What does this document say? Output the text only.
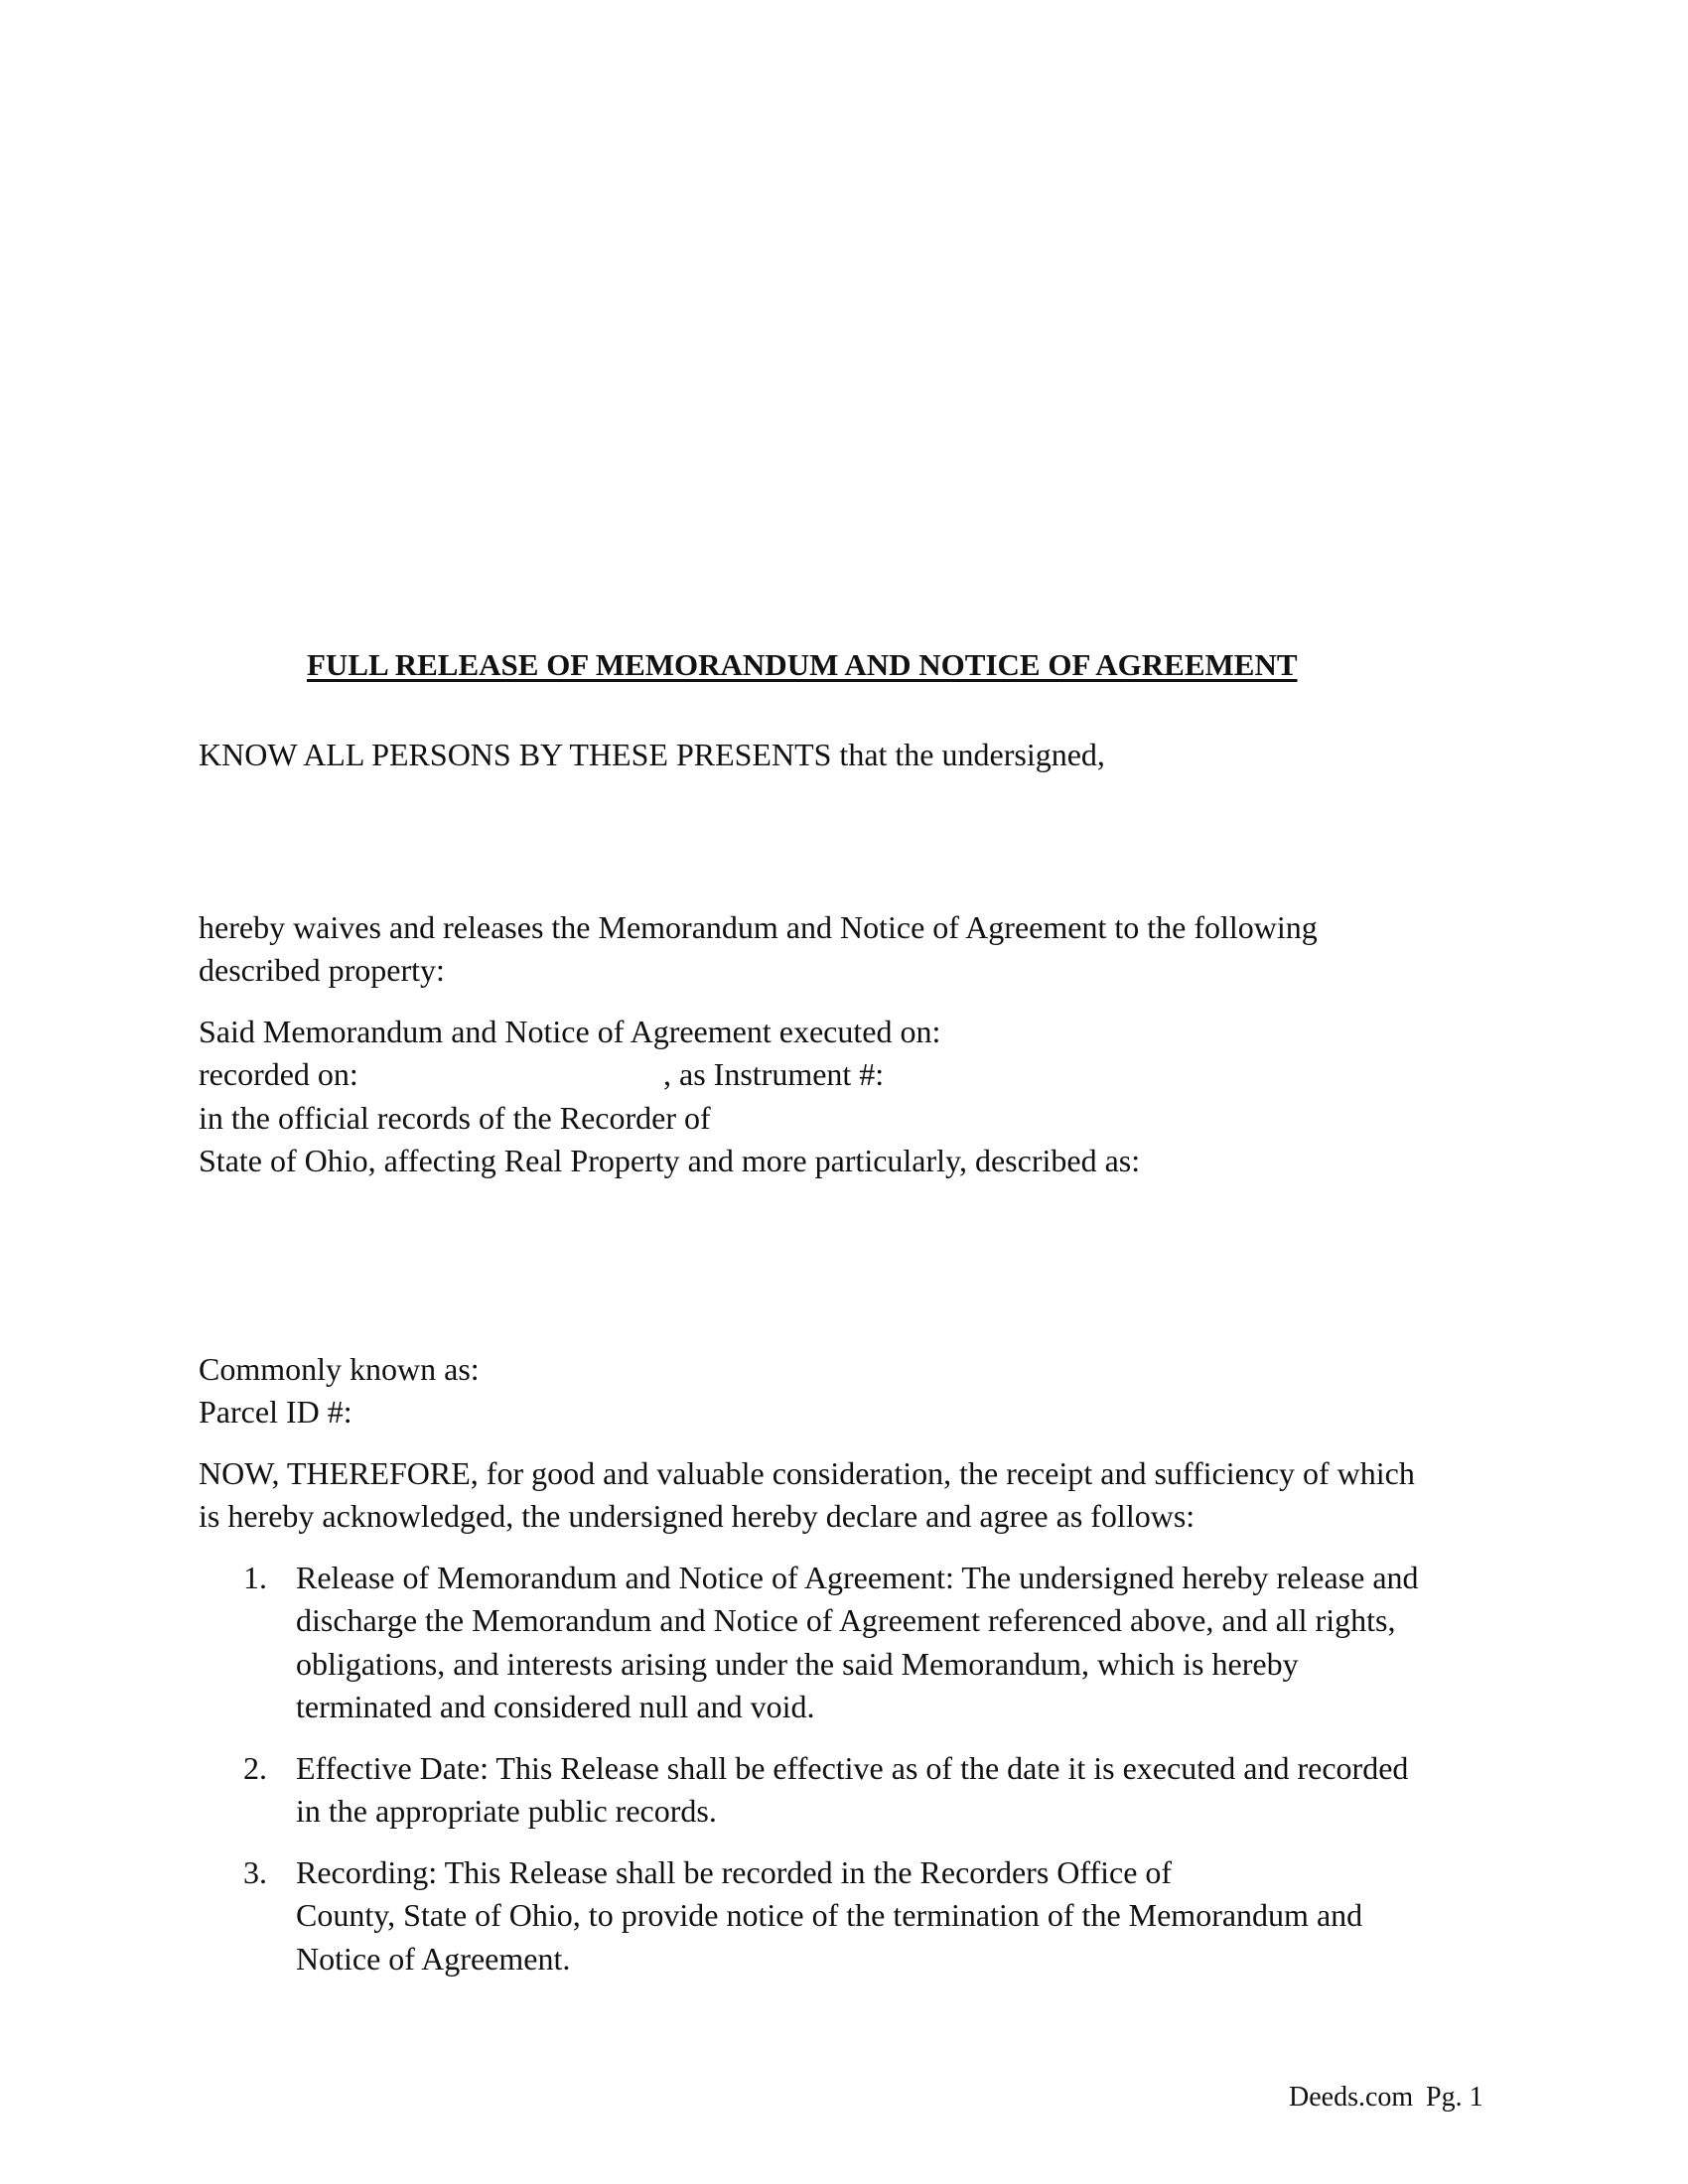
FULL RELEASE OF MEMORANDUM AND NOTICE OF AGREEMENT

KNOW ALL PERSONS BY THESE PRESENTS that the undersigned,

hereby waives and releases the Memorandum and Notice of Agreement to the following

described property:

Said Memorandum and Notice of Agreement executed on:

recorded on:	, as Instrument #:

in the official records of the Recorder of

State of Ohio, affecting Real Property and more particularly, described as:

Commonly known as:

Parcel ID #:

NOW, THEREFORE, for good and valuable consideration, the receipt and sufficiency of which

is hereby acknowledged, the undersigned hereby declare and agree as follows:

1. Release of Memorandum and Notice of Agreement: The undersigned hereby release and

discharge the Memorandum and Notice of Agreement referenced above, and all rights,

obligations, and interests arising under the said Memorandum, which is hereby

terminated and considered null and void.

2. Effective Date: This Release shall be effective as of the date it is executed and recorded

in the appropriate public records.

3. Recording: This Release shall be recorded in the Recorders Office of

County, State of Ohio, to provide notice of the termination of the Memorandum and

Notice of Agreement.

Deeds.com Pg. 1
